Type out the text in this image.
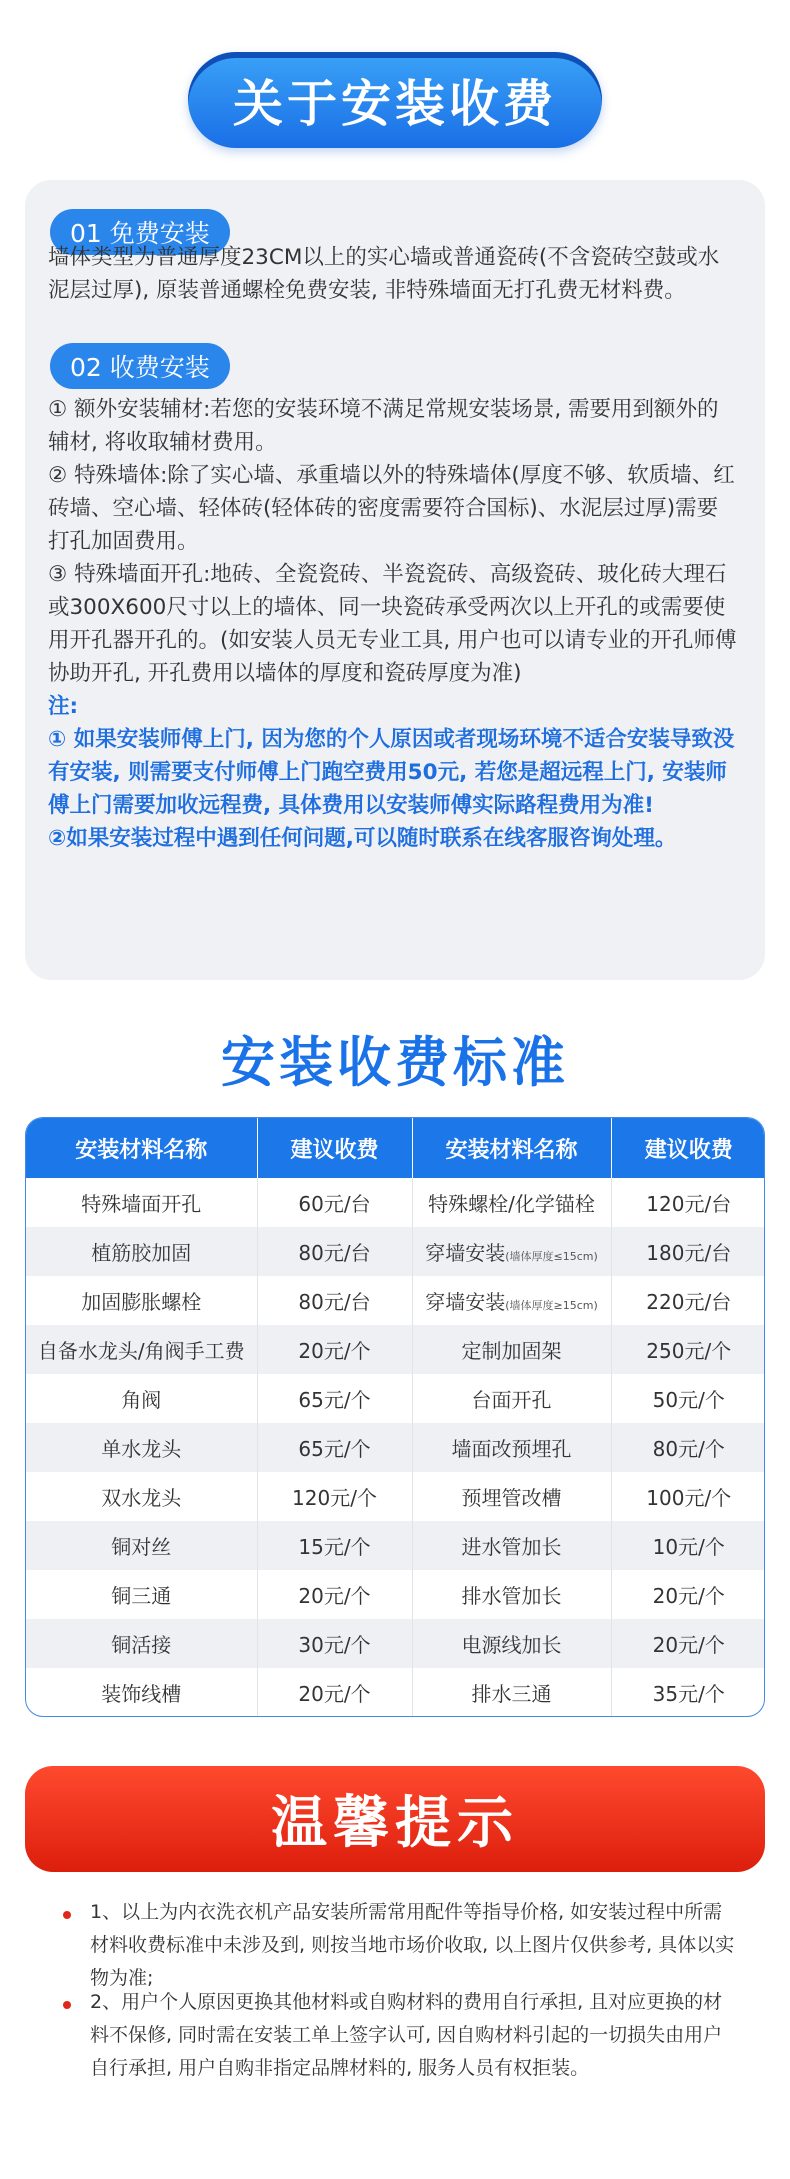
关于安装收费
01 免费安装

墙体类型为普通厚度23CM以上的实心墙或普通瓷砖(不含瓷砖空鼓或水泥层过厚), 原装普通螺栓免费安装, 非特殊墙面无打孔费无材料费。

02 收费安装

① 额外安装辅材:若您的安装环境不满足常规安装场景, 需要用到额外的辅材, 将收取辅材费用。

② 特殊墙体:除了实心墙、承重墙以外的特殊墙体(厚度不够、软质墙、红砖墙、空心墙、轻体砖(轻体砖的密度需要符合国标)、水泥层过厚)需要打孔加固费用。

③ 特殊墙面开孔:地砖、全瓷瓷砖、半瓷瓷砖、高级瓷砖、玻化砖大理石或300X600尺寸以上的墙体、同一块瓷砖承受两次以上开孔的或需要使用开孔器开孔的。(如安装人员无专业工具, 用户也可以请专业的开孔师傅协助开孔, 开孔费用以墙体的厚度和瓷砖厚度为准)

注:

① 如果安装师傅上门, 因为您的个人原因或者现场环境不适合安装导致没有安装, 则需要支付师傅上门跑空费用50元, 若您是超远程上门, 安装师傅上门需要加收远程费, 具体费用以安装师傅实际路程费用为准!

②如果安装过程中遇到任何问题,可以随时联系在线客服咨询处理。

安装收费标准
安装材料名称	建议收费	安装材料名称	建议收费
特殊墙面开孔	60元/台	特殊螺栓/化学锚栓	120元/台
植筋胶加固	80元/台	穿墙安装(墙体厚度≤15cm)	180元/台
加固膨胀螺栓	80元/台	穿墙安装(墙体厚度≥15cm)	220元/台
自备水龙头/角阀手工费	20元/个	定制加固架	250元/个
角阀	65元/个	台面开孔	50元/个
单水龙头	65元/个	墙面改预埋孔	80元/个
双水龙头	120元/个	预埋管改槽	100元/个
铜对丝	15元/个	进水管加长	10元/个
铜三通	20元/个	排水管加长	20元/个
铜活接	30元/个	电源线加长	20元/个
装饰线槽	20元/个	排水三通	35元/个
温馨提示
1、以上为内衣洗衣机产品安装所需常用配件等指导价格, 如安装过程中所需材料收费标准中未涉及到, 则按当地市场价收取, 以上图片仅供参考, 具体以实物为准;
2、用户个人原因更换其他材料或自购材料的费用自行承担, 且对应更换的材料不保修, 同时需在安装工单上签字认可, 因自购材料引起的一切损失由用户自行承担, 用户自购非指定品牌材料的, 服务人员有权拒装。
